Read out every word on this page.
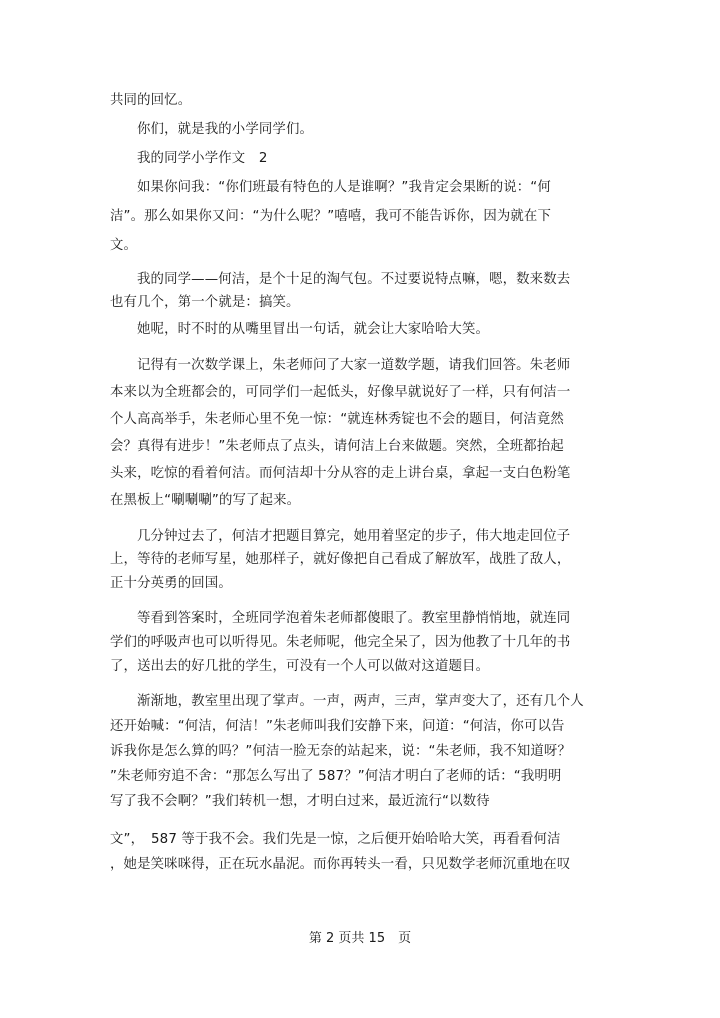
共同的回忆。
你们，就是我的小学同学们。
我的同学小学作文　2
如果你问我：“你们班最有特色的人是谁啊？”我肯定会果断的说：“何
洁”。那么如果你又问：“为什么呢？”嘻嘻，我可不能告诉你，因为就在下
文。
我的同学——何洁，是个十足的淘气包。不过要说特点嘛，嗯，数来数去
也有几个，第一个就是：搞笑。
她呢，时不时的从嘴里冒出一句话，就会让大家哈哈大笑。
记得有一次数学课上，朱老师问了大家一道数学题，请我们回答。朱老师
本来以为全班都会的，可同学们一起低头，好像早就说好了一样，只有何洁一
个人高高举手，朱老师心里不免一惊：“就连林秀锭也不会的题目，何洁竟然
会？真得有进步！”朱老师点了点头，请何洁上台来做题。突然，全班都抬起
头来，吃惊的看着何洁。而何洁却十分从容的走上讲台桌，拿起一支白色粉笔
在黑板上“唰唰唰”的写了起来。
几分钟过去了，何洁才把题目算完，她用着坚定的步子，伟大地走回位子
上，等待的老师写星，她那样子，就好像把自己看成了解放军，战胜了敌人，
正十分英勇的回国。
等看到答案时，全班同学泡着朱老师都傻眼了。教室里静悄悄地，就连同
学们的呼吸声也可以听得见。朱老师呢，他完全呆了，因为他教了十几年的书
了，送出去的好几批的学生，可没有一个人可以做对这道题目。
渐渐地，教室里出现了掌声。一声，两声，三声，掌声变大了，还有几个人
还开始喊：“何洁，何洁！”朱老师叫我们安静下来，问道：“何洁，你可以告
诉我你是怎么算的吗？”何洁一脸无奈的站起来，说：“朱老师，我不知道呀？
”朱老师穷追不舍：“那怎么写出了 587？”何洁才明白了老师的话：“我明明
写了我不会啊？”我们转机一想，才明白过来，最近流行“以数待
文”，　587 等于我不会。我们先是一惊，之后便开始哈哈大笑，再看看何洁
，她是笑咪咪得，正在玩水晶泥。而你再转头一看，只见数学老师沉重地在叹
第 2 页共 15　页
